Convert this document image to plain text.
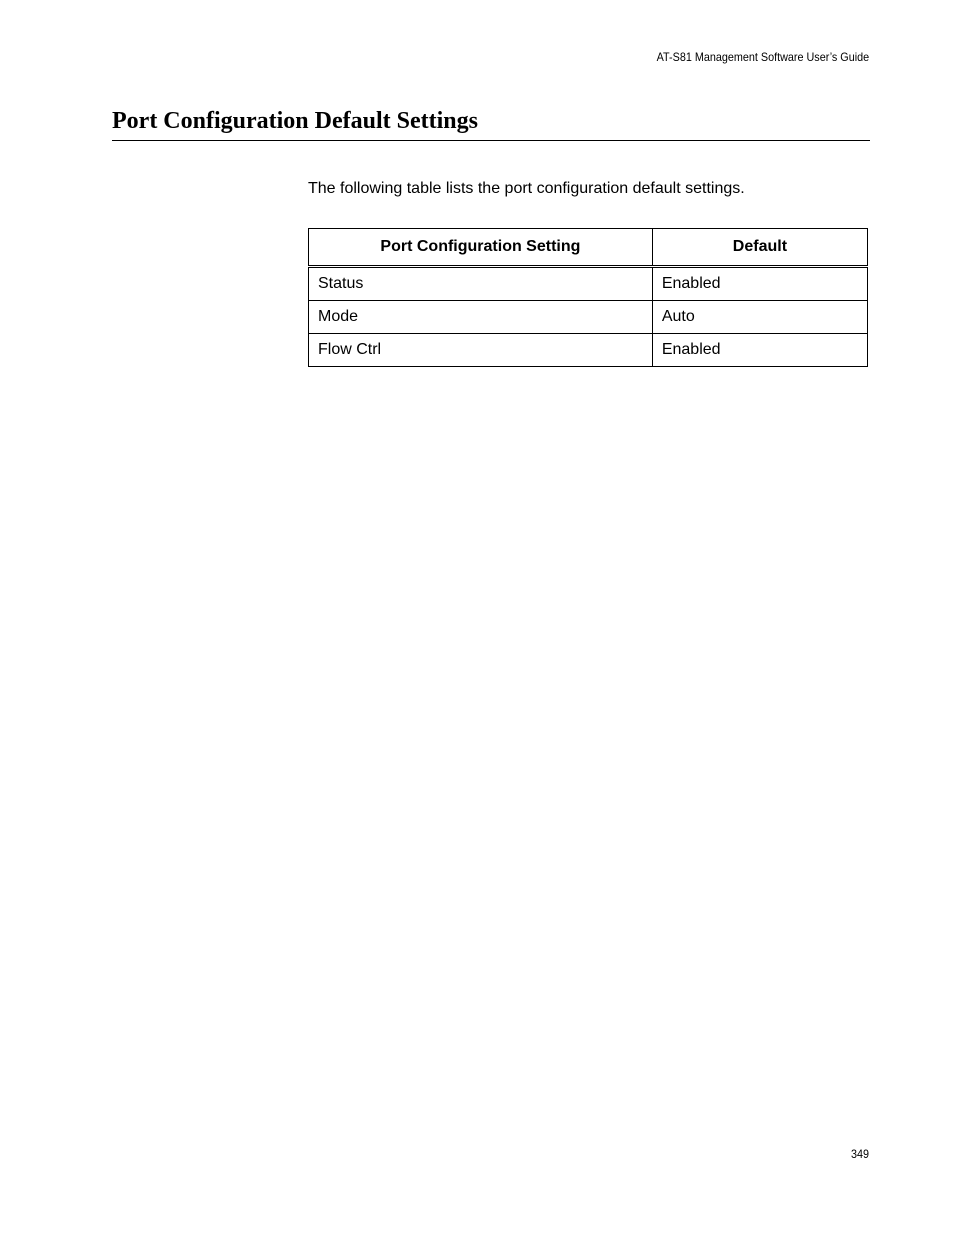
AT-S81 Management Software User’s Guide
Port Configuration Default Settings

The following table lists the port configuration default settings.

Port Configuration Setting	Default
Status	Enabled
Mode	Auto
Flow Ctrl	Enabled
349
